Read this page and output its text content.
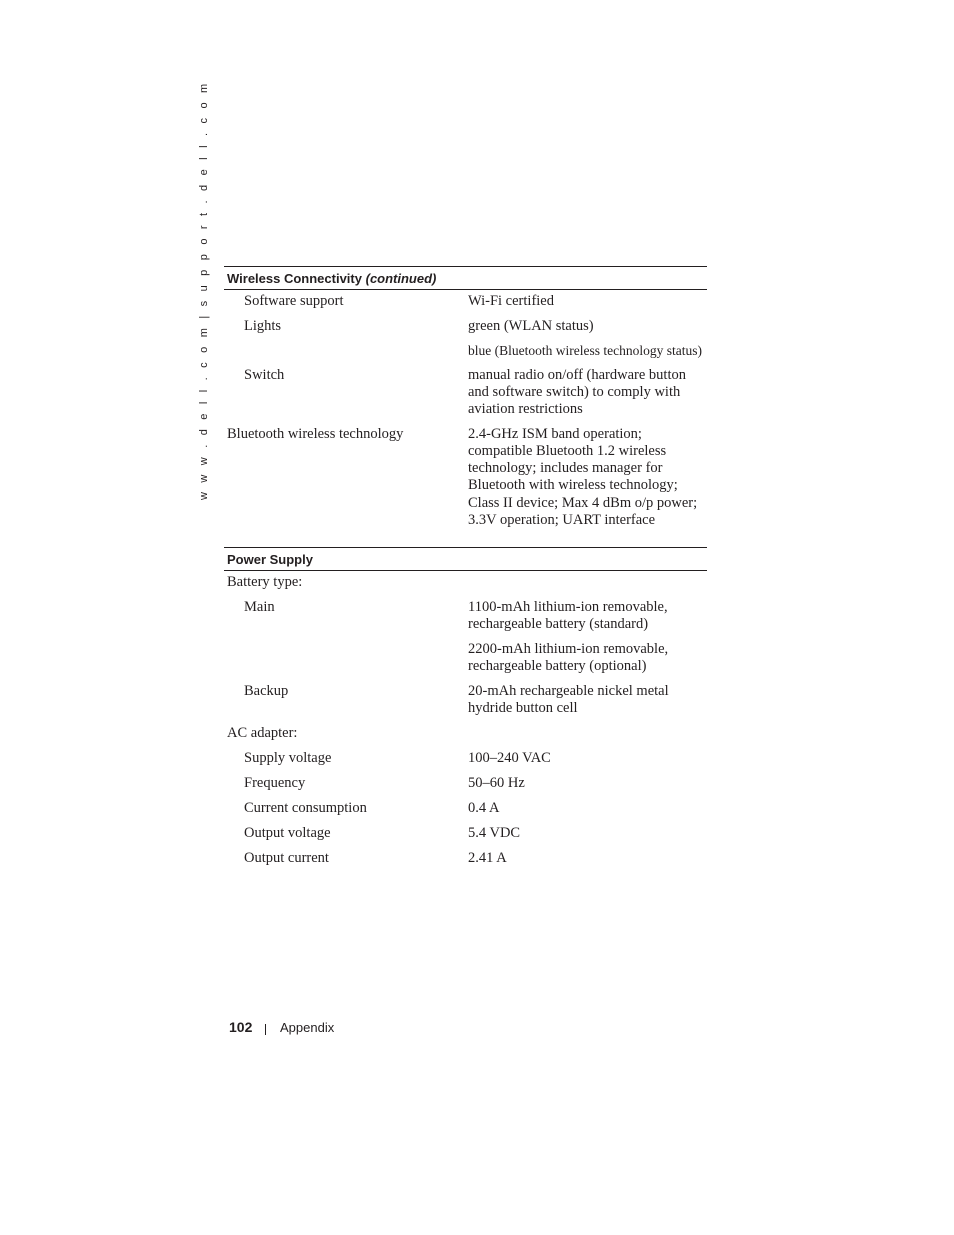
w w w . d e l l . c o m | s u p p o r t . d e l l . c o m Wireless Connectivity (continued)
Software support	Wi-Fi certified
Lights	green (WLAN status)
blue (Bluetooth wireless technology status)
Switch	manual radio on/off (hardware button
and software switch) to comply with
aviation restrictions
Bluetooth wireless technology	2.4-GHz ISM band operation;
compatible Bluetooth 1.2 wireless
technology; includes manager for
Bluetooth with wireless technology;
Class II device; Max 4 dBm o/p power;
3.3V operation; UART interface
Power Supply
Battery type:
Main	1100-mAh lithium-ion removable,
rechargeable battery (standard)
2200-mAh lithium-ion removable,
rechargeable battery (optional)
Backup	20-mAh rechargeable nickel metal
hydride button cell
AC adapter:
Supply voltage	100–240 VAC
Frequency	50–60 Hz
Current consumption	0.4 A
Output voltage	5.4 VDC
Output current	2.41 A
102 Appendix
